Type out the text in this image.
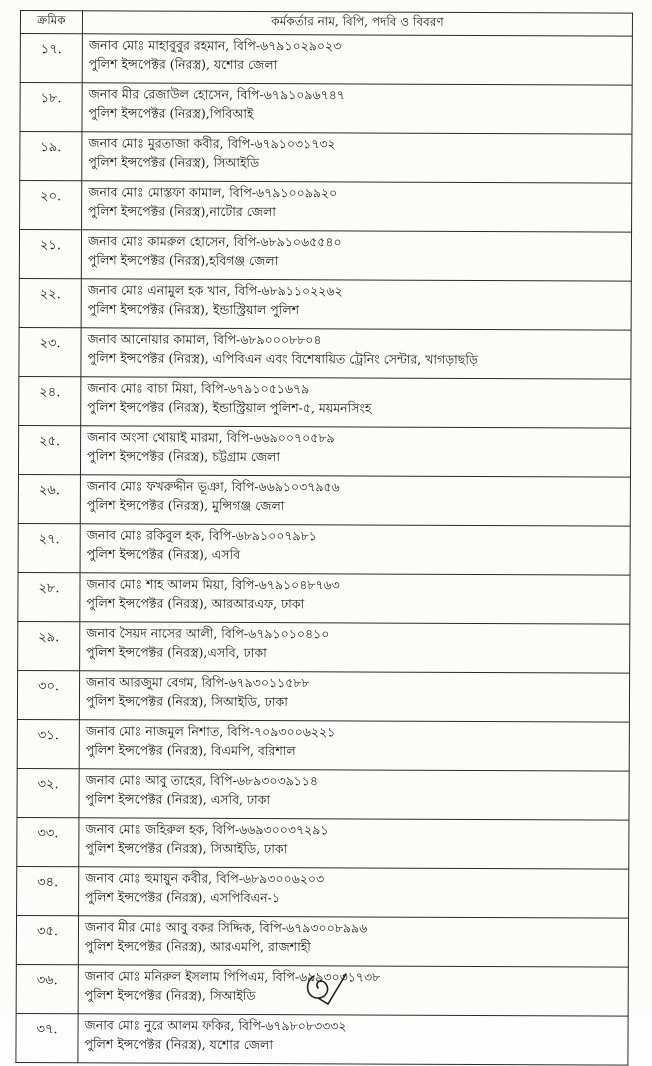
ক্রমিক	কর্মকর্তার নাম, বিপি, পদবি ও বিবরণ
১৭.	জনাব মোঃ মাহাবুবুর রহমান, বিপি-৬৭৯১০২৯০২৩
পুলিশ ইন্সপেক্টর (নিরস্ত্র), যশোর জেলা

১৮.	জনাব মীর রেজাউল হোসেন, বিপি-৬৭৯১০৯৬৭৪৭
পুলিশ ইন্সপেক্টর (নিরস্ত্র),পিবিআই

১৯.	জনাব মোঃ মুরতাজা কবীর, বিপি-৬৭৯১০৩১৭৩২
পুলিশ ইন্সপেক্টর (নিরস্ত্র), সিআইডি

২০.	জনাব মোঃ মোস্তফা কামাল, বিপি-৬৭৯১০০৯৯২০
পুলিশ ইন্সপেক্টর (নিরস্ত্র),নাটোর জেলা

২১.	জনাব মোঃ কামরুল হোসেন, বিপি-৬৮৯১০৬৫৫৪০
পুলিশ ইন্সপেক্টর (নিরস্ত্র),হবিগঞ্জ জেলা

২২.	জনাব মোঃ এনামুল হক খান, বিপি-৬৮৯১১০২২৬২
পুলিশ ইন্সপেক্টর (নিরস্ত্র), ইন্ডাস্ট্রিয়াল পুলিশ

২৩.	জনাব আনোয়ার কামাল, বিপি-৬৮৯০০০৮৮০৪
পুলিশ ইন্সপেক্টর (নিরস্ত্র), এপিবিএন এবং বিশেষায়িত ট্রেনিং সেন্টার, খাগড়াছড়ি

২৪.	জনাব মোঃ বাচা মিয়া, বিপি-৬৭৯১০৫১৬৭৯
পুলিশ ইন্সপেক্টর (নিরস্ত্র), ইন্ডাস্ট্রিয়াল পুলিশ-৫, ময়মনসিংহ

২৫.	জনাব অংসা থোয়াই মারমা, বিপি-৬৬৯০০৭০৫৮৯
পুলিশ ইন্সপেক্টর (নিরস্ত্র), চট্টগ্রাম জেলা

২৬.	জনাব মোঃ ফখরুদ্দীন ভূঞা, বিপি-৬৬৯১০৩৭৯৫৬
পুলিশ ইন্সপেক্টর (নিরস্ত্র), মুন্সিগঞ্জ জেলা

২৭.	জনাব মোঃ রকিবুল হক, বিপি-৬৮৯১০০৭৯৮১
পুলিশ ইন্সপেক্টর (নিরস্ত্র), এসবি

২৮.	জনাব মোঃ শাহ আলম মিয়া, বিপি-৬৭৯১০৪৮৭৬৩
পুলিশ ইন্সপেক্টর (নিরস্ত্র), আরআরএফ, ঢাকা

২৯.	জনাব সৈয়দ নাসের আলী, বিপি-৬৭৯১০১০৪১০
পুলিশ ইন্সপেক্টর (নিরস্ত্র),এসবি, ঢাকা

৩০.	জনাব আরজুমা বেগম, বিপি-৬৭৯৩০১১৫৮৮
পুলিশ ইন্সপেক্টর (নিরস্ত্র), সিআইডি, ঢাকা

৩১.	জনাব মোঃ নাজমুল নিশাত, বিপি-৭০৯৩০০৬২২১
পুলিশ ইন্সপেক্টর (নিরস্ত্র), বিএমপি, বরিশাল

৩২.	জনাব মোঃ আবু তাহের, বিপি-৬৮৯৩০৩৯১১৪
পুলিশ ইন্সপেক্টর (নিরস্ত্র), এসবি, ঢাকা

৩৩.	জনাব মোঃ জহিরুল হক, বিপি-৬৬৯৩০০৩৭২৯১
পুলিশ ইন্সপেক্টর (নিরস্ত্র), সিআইডি, ঢাকা

৩৪.	জনাব মোঃ হুমায়ুন কবীর, বিপি-৬৮৯৩০০৬২০৩
পুলিশ ইন্সপেক্টর (নিরস্ত্র), এসপিবিএন-১

৩৫.	জনাব মীর মোঃ আবু বকর সিদ্দিক, বিপি-৬৭৯৩০০৮৯৯৬
পুলিশ ইন্সপেক্টর (নিরস্ত্র), আরএমপি, রাজশাহী

৩৬.	জনাব মোঃ মনিরুল ইসলাম পিপিএম, বিপি-৬৯৯৩০৩১৭৩৮
পুলিশ ইন্সপেক্টর (নিরস্ত্র), সিআইডি

৩৭.	জনাব মোঃ নুরে আলম ফকির, বিপি-৬৭৯৮০৮৩৩৩২
পুলিশ ইন্সপেক্টর (নিরস্ত্র), যশোর জেলা
